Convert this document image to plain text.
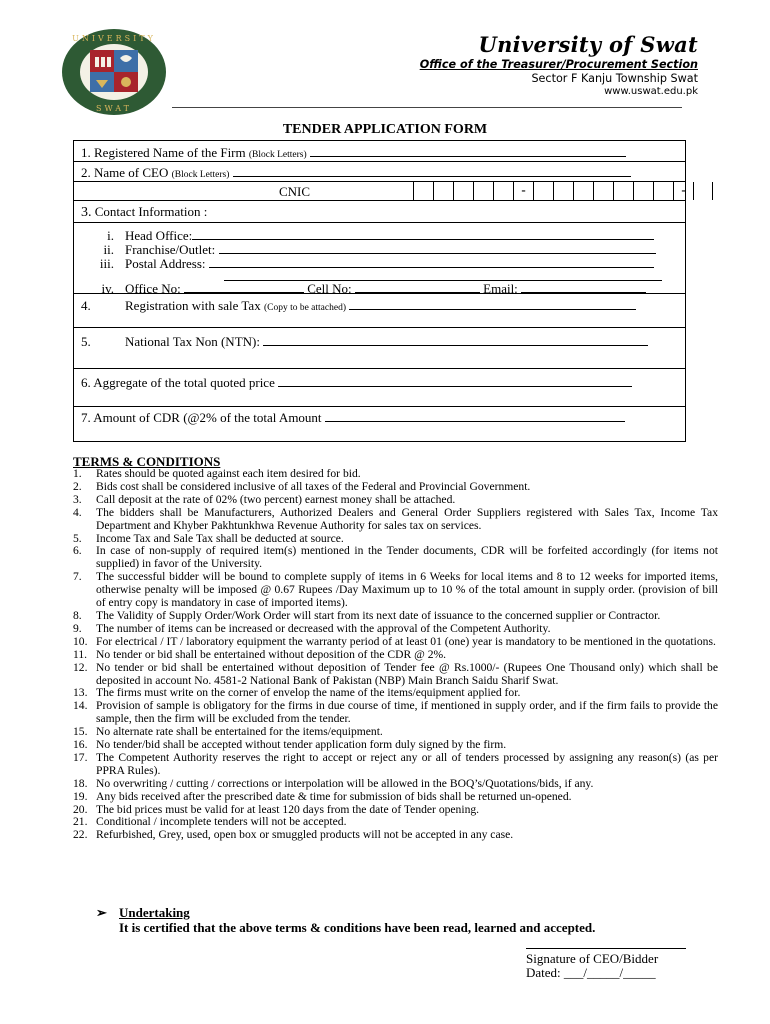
UNIVERSITY
SWAT
University of Swat
Office of the Treasurer/Procurement Section
Sector F Kanju Township Swat
www.uswat.edu.pk
TENDER APPLICATION FORM
1. Registered Name of the Firm (Block Letters)
2. Name of CEO (Block Letters)
CNIC	-	-
3. Contact Information :
i. Head Office:
ii. Franchise/Outlet:
iii. Postal Address:
iv. Office No:	Cell No:	Email:
4.	Registration with sale Tax (Copy to be attached)
5.	National Tax Non (NTN):
6. Aggregate of the total quoted price
7. Amount of CDR (@2% of the total Amount
TERMS & CONDITIONS
1.	Rates should be quoted against each item desired for bid.
2.	Bids cost shall be considered inclusive of all taxes of the Federal and Provincial Government.
3.	Call deposit at the rate of 02% (two percent) earnest money shall be attached.
4.	The bidders shall be Manufacturers, Authorized Dealers and General Order Suppliers registered with Sales Tax, Income Tax Department and Khyber Pakhtunkhwa Revenue Authority for sales tax on services.
5.	Income Tax and Sale Tax shall be deducted at source.
6.	In case of non-supply of required item(s) mentioned in the Tender documents, CDR will be forfeited accordingly (for items not supplied) in favor of the University.
7.	The successful bidder will be bound to complete supply of items in 6 Weeks for local items and 8 to 12 weeks for imported items, otherwise penalty will be imposed @ 0.67 Rupees /Day Maximum up to 10 % of the total amount in supply order. (provision of bill of entry copy is mandatory in case of imported items).
8.	The Validity of Supply Order/Work Order will start from its next date of issuance to the concerned supplier or Contractor.
9.	The number of items can be increased or decreased with the approval of the Competent Authority.
10. For electrical / IT / laboratory equipment the warranty period of at least 01 (one) year is mandatory to be mentioned in the quotations.
11. No tender or bid shall be entertained without deposition of the CDR @ 2%.
12. No tender or bid shall be entertained without deposition of Tender fee @ Rs.1000/- (Rupees One Thousand only) which shall be deposited in account No. 4581-2 National Bank of Pakistan (NBP) Main Branch Saidu Sharif Swat.
13. The firms must write on the corner of envelop the name of the items/equipment applied for.
14. Provision of sample is obligatory for the firms in due course of time, if mentioned in supply order, and if the firm fails to provide the sample, then the firm will be excluded from the tender.
15. No alternate rate shall be entertained for the items/equipment.
16. No tender/bid shall be accepted without tender application form duly signed by the firm.
17. The Competent Authority reserves the right to accept or reject any or all of tenders processed by assigning any reason(s) (as per PPRA Rules).
18. No overwriting / cutting / corrections or interpolation will be allowed in the BOQ’s/Quotations/bids, if any.
19. Any bids received after the prescribed date & time for submission of bids shall be returned un-opened.
20. The bid prices must be valid for at least 120 days from the date of Tender opening.
21. Conditional / incomplete tenders will not be accepted.
22. Refurbished, Grey, used, open box or smuggled products will not be accepted in any case.
➢ Undertaking
It is certified that the above terms & conditions have been read, learned and accepted.
Signature of CEO/Bidder
Dated: ___/_____/_____
